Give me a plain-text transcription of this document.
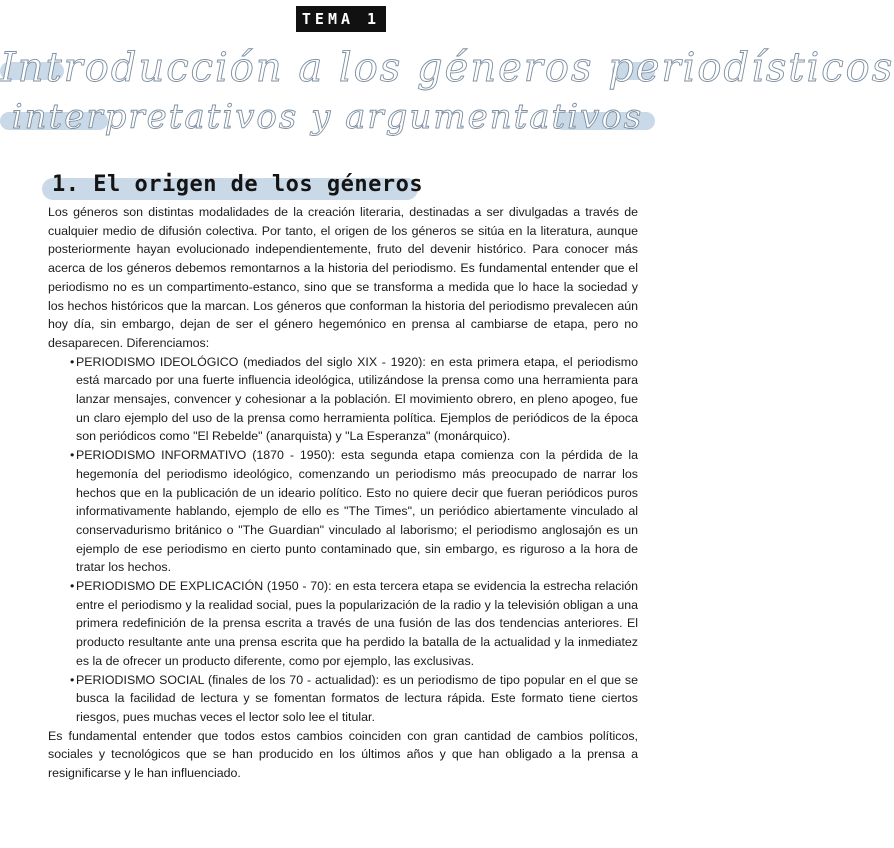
TEMA 1
Introducción a los géneros periodísticos
interpretativos y argumentativos
1. El origen de los géneros

Los géneros son distintas modalidades de la creación literaria, destinadas a ser divulgadas a través de cualquier medio de difusión colectiva. Por tanto, el origen de los géneros se sitúa en la literatura, aunque posteriormente hayan evolucionado independientemente, fruto del devenir histórico. Para conocer más acerca de los géneros debemos remontarnos a la historia del periodismo. Es fundamental entender que el periodismo no es un compartimento-estanco, sino que se transforma a medida que lo hace la sociedad y los hechos históricos que la marcan. Los géneros que conforman la historia del periodismo prevalecen aún hoy día, sin embargo, dejan de ser el género hegemónico en prensa al cambiarse de etapa, pero no desaparecen. Diferenciamos:

• PERIODISMO IDEOLÓGICO (mediados del siglo XIX - 1920): en esta primera etapa, el periodismo está marcado por una fuerte influencia ideológica, utilizándose la prensa como una herramienta para lanzar mensajes, convencer y cohesionar a la población. El movimiento obrero, en pleno apogeo, fue un claro ejemplo del uso de la prensa como herramienta política. Ejemplos de periódicos de la época son periódicos como "El Rebelde" (anarquista) y "La Esperanza" (monárquico).
• PERIODISMO INFORMATIVO (1870 - 1950): esta segunda etapa comienza con la pérdida de la hegemonía del periodismo ideológico, comenzando un periodismo más preocupado de narrar los hechos que en la publicación de un ideario político. Esto no quiere decir que fueran periódicos puros informativamente hablando, ejemplo de ello es "The Times", un periódico abiertamente vinculado al conservadurismo británico o "The Guardian" vinculado al laborismo; el periodismo anglosajón es un ejemplo de ese periodismo en cierto punto contaminado que, sin embargo, es riguroso a la hora de tratar los hechos.
• PERIODISMO DE EXPLICACIÓN (1950 - 70): en esta tercera etapa se evidencia la estrecha relación entre el periodismo y la realidad social, pues la popularización de la radio y la televisión obligan a una primera redefinición de la prensa escrita a través de una fusión de las dos tendencias anteriores. El producto resultante ante una prensa escrita que ha perdido la batalla de la actualidad y la inmediatez es la de ofrecer un producto diferente, como por ejemplo, las exclusivas.
• PERIODISMO SOCIAL (finales de los 70 - actualidad): es un periodismo de tipo popular en el que se busca la facilidad de lectura y se fomentan formatos de lectura rápida. Este formato tiene ciertos riesgos, pues muchas veces el lector solo lee el titular.

Es fundamental entender que todos estos cambios coinciden con gran cantidad de cambios políticos, sociales y tecnológicos que se han producido en los últimos años y que han obligado a la prensa a resignificarse y le han influenciado.
